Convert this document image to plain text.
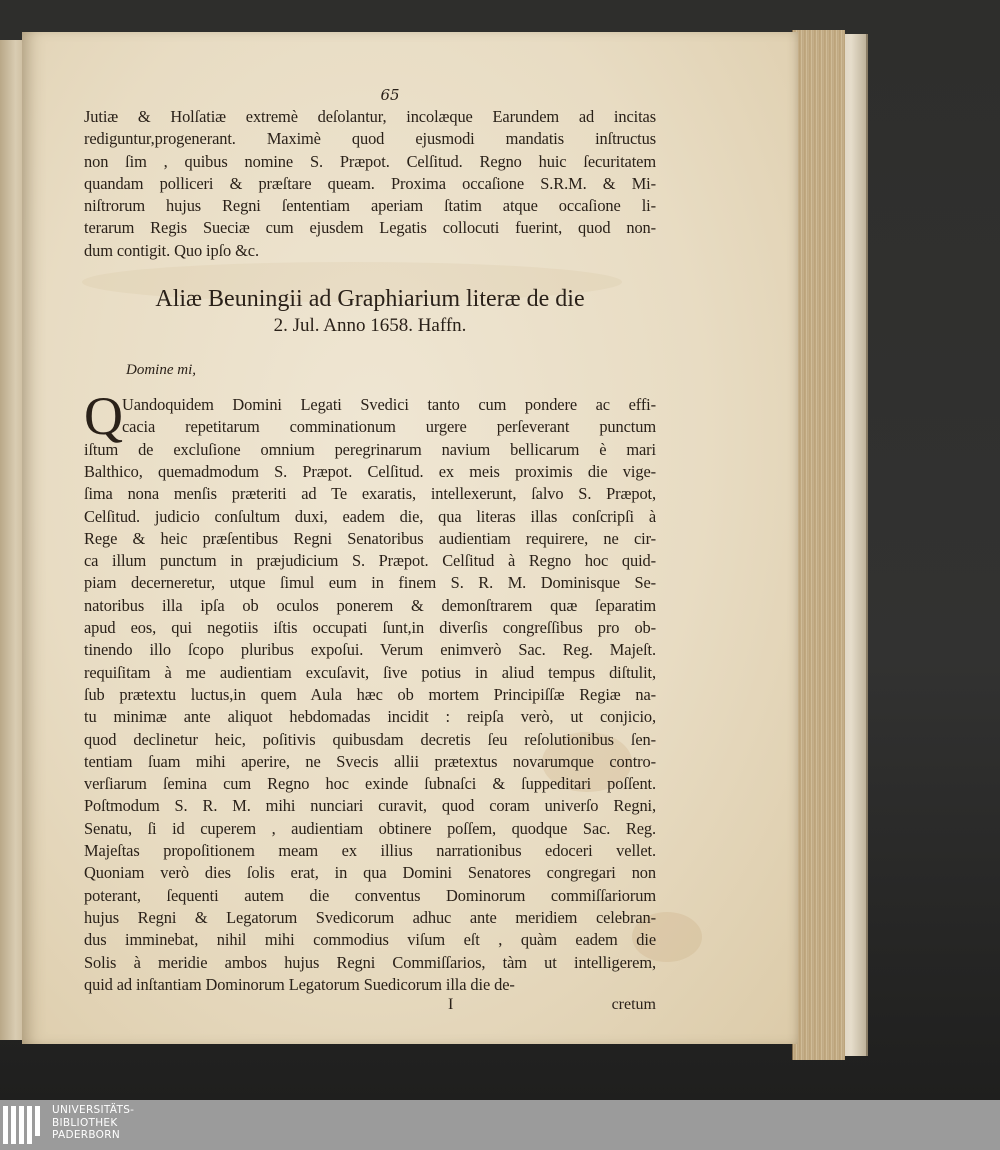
65
Jutiæ & Holſatiæ extremè deſolantur, incolæque Earundem ad incitas
rediguntur,progenerant. Maximè quod ejusmodi mandatis inſtructus
non ſim , quibus nomine S. Præpot. Celſitud. Regno huic ſecuritatem
quandam polliceri & præſtare queam. Proxima occaſione S.R.M. & Mi-
niſtrorum hujus Regni ſententiam aperiam ſtatim atque occaſione li-
terarum Regis Sueciæ cum ejusdem Legatis collocuti fuerint, quod non-
dum contigit. Quo ipſo &c.
Aliæ Beuningii ad Graphiarium literæ de die
2. Jul. Anno 1658. Haffn.
Domine mi,
Q Uandoquidem Domini Legati Svedici tanto cum pondere ac effi-
cacia repetitarum comminationum urgere perſeverant punctum
iſtum de excluſione omnium peregrinarum navium bellicarum è mari
Balthico, quemadmodum S. Præpot. Celſitud. ex meis proximis die vige-
ſima nona menſis præteriti ad Te exaratis, intellexerunt, ſalvo S. Præpot,
Celſitud. judicio conſultum duxi, eadem die, qua literas illas conſcripſi à
Rege & heic præſentibus Regni Senatoribus audientiam requirere, ne cir-
ca illum punctum in præjudicium S. Præpot. Celſitud à Regno hoc quid-
piam decerneretur, utque ſimul eum in finem S. R. M. Dominisque Se-
natoribus illa ipſa ob oculos ponerem & demonſtrarem quæ ſeparatim
apud eos, qui negotiis iſtis occupati ſunt,in diverſis congreſſibus pro ob-
tinendo illo ſcopo pluribus expoſui. Verum enimverò Sac. Reg. Majeſt.
requiſitam à me audientiam excuſavit, ſive potius in aliud tempus diſtulit,
ſub prætextu luctus,in quem Aula hæc ob mortem Principiſſæ Regiæ na-
tu minimæ ante aliquot hebdomadas incidit : reipſa verò, ut conjicio,
quod declinetur heic, poſitivis quibusdam decretis ſeu reſolutionibus ſen-
tentiam ſuam mihi aperire, ne Svecis allii prætextus novarumque contro-
verſiarum ſemina cum Regno hoc exinde ſubnaſci & ſuppeditari poſſent.
Poſtmodum S. R. M. mihi nunciari curavit, quod coram univerſo Regni,
Senatu, ſi id cuperem , audientiam obtinere poſſem, quodque Sac. Reg.
Majeſtas propoſitionem meam ex illius narrationibus edoceri vellet.
Quoniam verò dies ſolis erat, in qua Domini Senatores congregari non
poterant, ſequenti autem die conventus Dominorum commiſſariorum
hujus Regni & Legatorum Svedicorum adhuc ante meridiem celebran-
dus imminebat, nihil mihi commodius viſum eſt , quàm eadem die
Solis à meridie ambos hujus Regni Commiſſarios, tàm ut intelligerem,
quid ad inſtantiam Dominorum Legatorum Suedicorum illa die de-
I	cretum
UNIVERSITÄTS-
BIBLIOTHEK
PADERBORN
